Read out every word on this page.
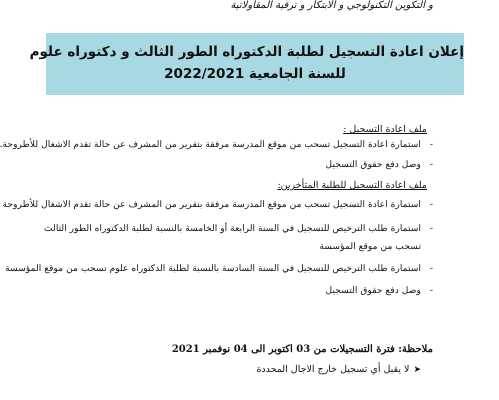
و التكوين التكنولوجي و الابتكار و ترقية المقاولاتية
إعلان اعادة التسجيل لطلبة الدكتوراه الطور الثالث و دكتوراه علوم
للسنة الجامعية 2022/2021
ملف اعادة التسجيل :
-
استمارة اعادة التسجيل تسحب من موقع المدرسة مرفقة بتقرير من المشرف عن حالة تقدم الاشغال للأطروحة.
-
وصل دفع حقوق التسجيل
ملف اعادة التسجيل للطلبة المتأخرين:
-
استمارة اعادة التسجيل تسحب من موقع المدرسة مرفقة بتقرير من المشرف عن حالة تقدم الاشغال للأطروحة
-
استمارة طلب الترخيص للتسجيل في السنة الرابعة أو الخامسة بالنسبة لطلبة الدكتوراه الطور الثالث تسحب من موقع المؤسسة
-
استمارة طلب الترخيص للتسجيل في السنة السادسة بالنسبة لطلبة الدكتوراه علوم تسحب من موقع المؤسسة
-
وصل دفع حقوق التسجيل
ملاحظة: فترة التسجيلات من 03 اكتوبر الى 04 نوفمبر 2021
➤لا يقبل أي تسجيل خارج الاجال المحددة
